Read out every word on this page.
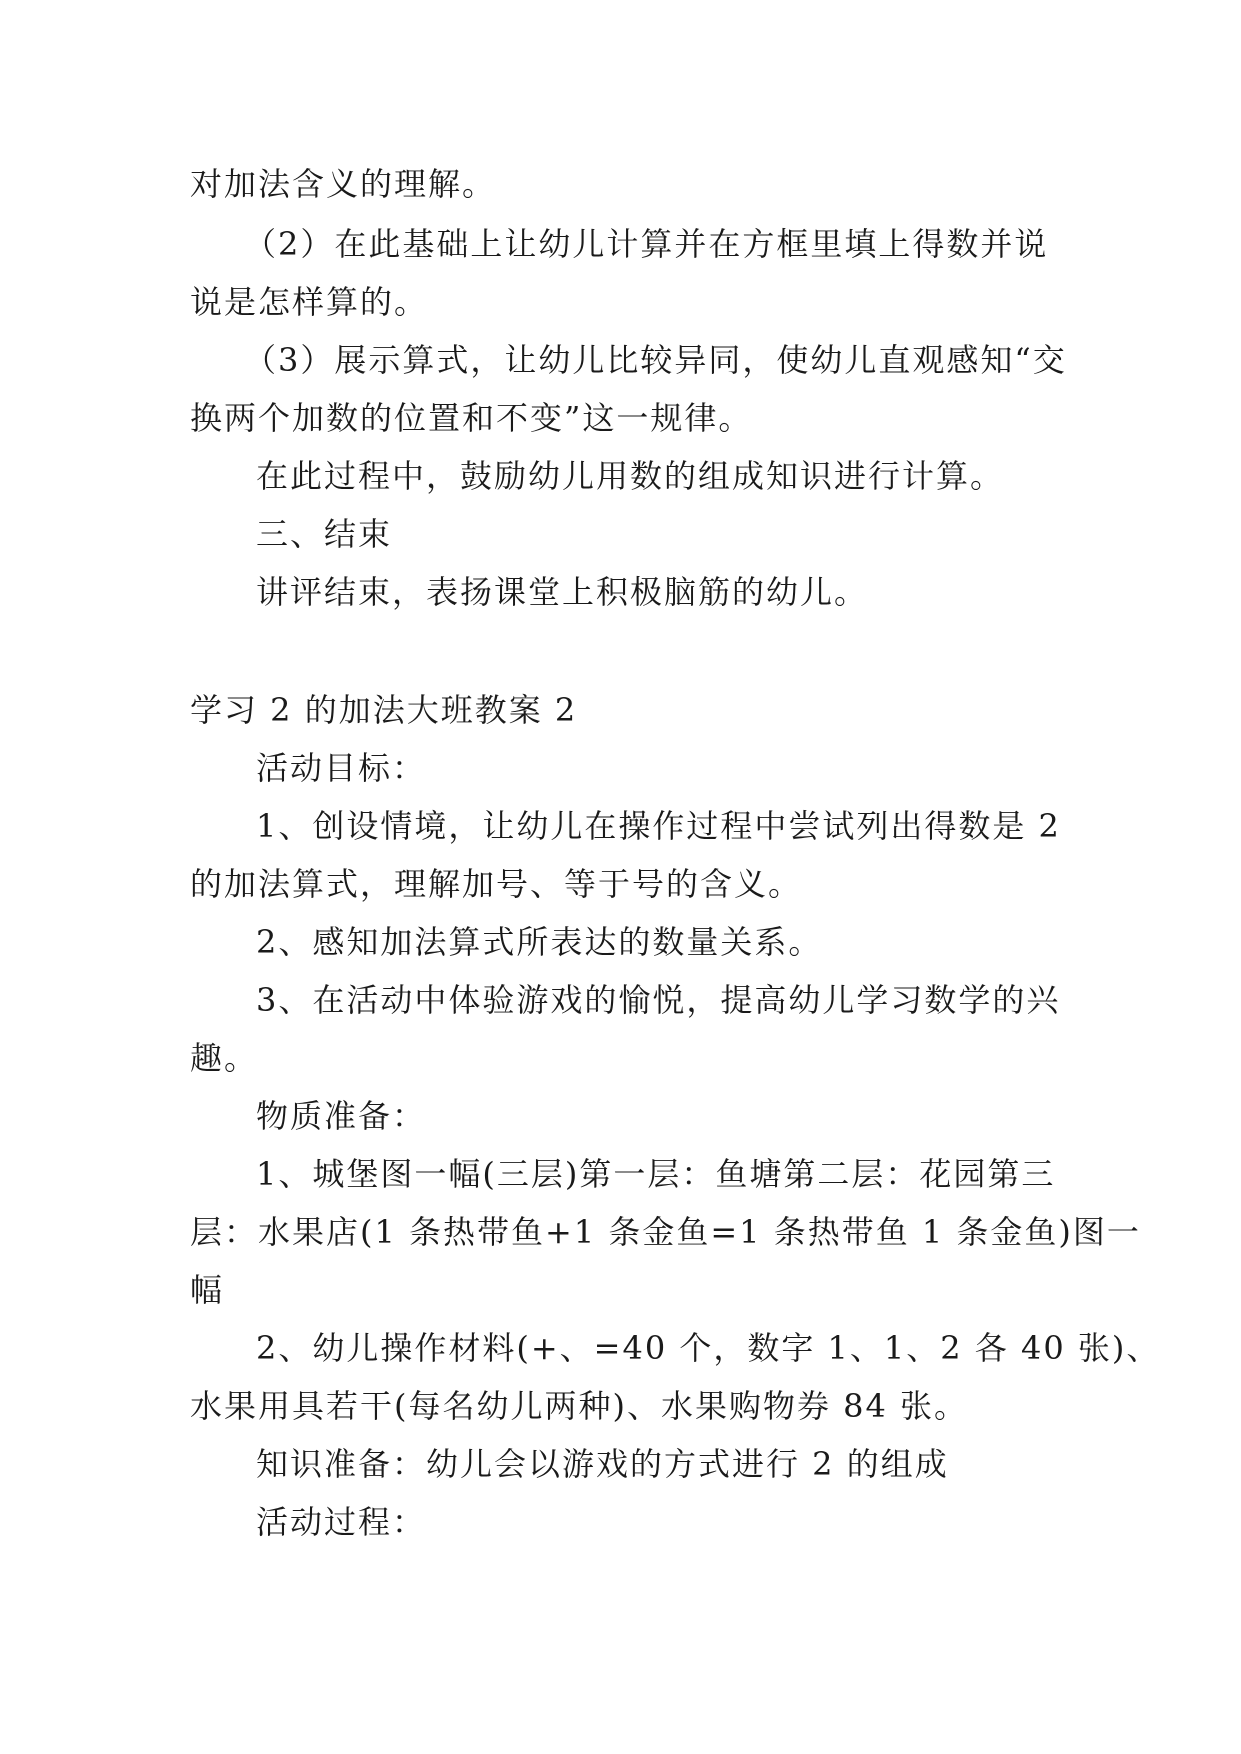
对加法含义的理解。
（2）在此基础上让幼儿计算并在方框里填上得数并说
说是怎样算的。
（3）展示算式，让幼儿比较异同，使幼儿直观感知“交
换两个加数的位置和不变”这一规律。
在此过程中，鼓励幼儿用数的组成知识进行计算。
三、结束
讲评结束，表扬课堂上积极脑筋的幼儿。
学习 2 的加法大班教案 2
活动目标：
1、创设情境，让幼儿在操作过程中尝试列出得数是 2
的加法算式，理解加号、等于号的含义。
2、感知加法算式所表达的数量关系。
3、在活动中体验游戏的愉悦，提高幼儿学习数学的兴
趣。
物质准备：
1、城堡图一幅(三层)第一层：鱼塘第二层：花园第三
层：水果店(1 条热带鱼+1 条金鱼=1 条热带鱼 1 条金鱼)图一
幅
2、幼儿操作材料(+、=40 个，数字 1、1、2 各 40 张)、
水果用具若干(每名幼儿两种)、水果购物券 84 张。
知识准备：幼儿会以游戏的方式进行 2 的组成
活动过程：
